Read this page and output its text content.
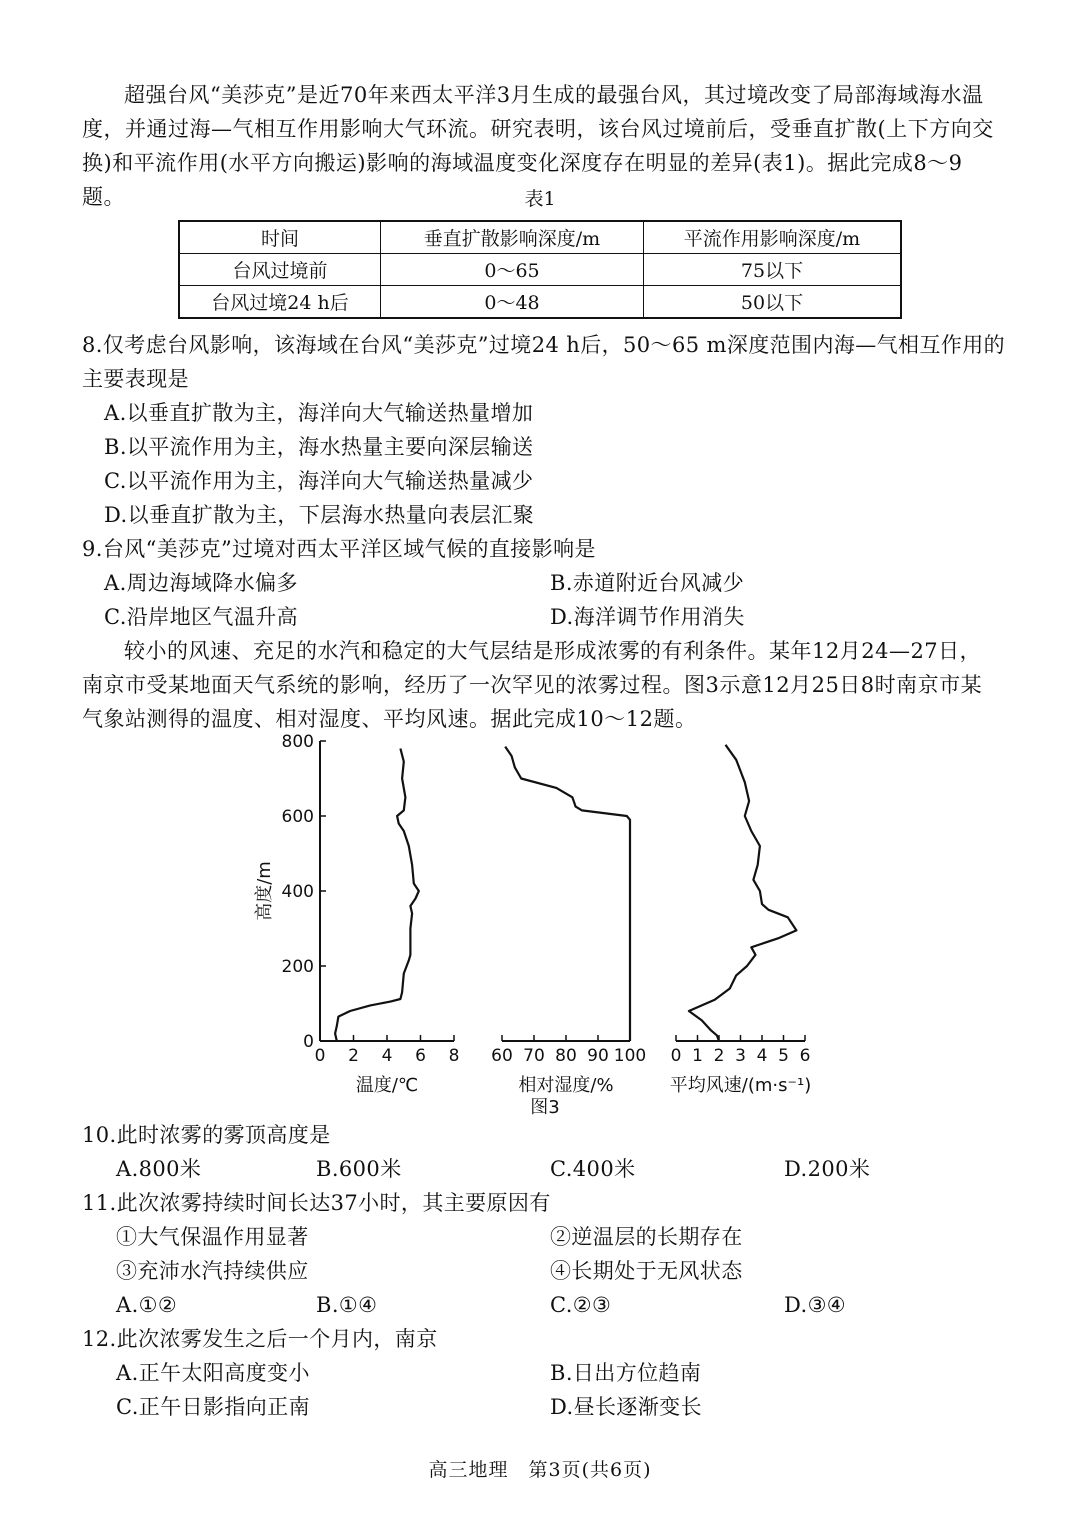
超强台风“美莎克”是近70年来西太平洋3月生成的最强台风，其过境改变了局部海域海水温度，并通过海—气相互作用影响大气环流。研究表明，该台风过境前后，受垂直扩散(上下方向交换)和平流作用(水平方向搬运)影响的海域温度变化深度存在明显的差异(表1)。据此完成8～9题。	表1
时间	垂直扩散影响深度/m	平流作用影响深度/m
台风过境前	0～65	75以下
台风过境24 h后	0～48	50以下
8.仅考虑台风影响，该海域在台风“美莎克”过境24 h后，50～65 m深度范围内海—气相互作用的主要表现是
A.以垂直扩散为主，海洋向大气输送热量增加
B.以平流作用为主，海水热量主要向深层输送
C.以平流作用为主，海洋向大气输送热量减少
D.以垂直扩散为主，下层海水热量向表层汇聚
9.台风“美莎克”过境对西太平洋区域气候的直接影响是
A.周边海域降水偏多	B.赤道附近台风减少
C.沿岸地区气温升高	D.海洋调节作用消失
较小的风速、充足的水汽和稳定的大气层结是形成浓雾的有利条件。某年12月24—27日，南京市受某地面天气系统的影响，经历了一次罕见的浓雾过程。图3示意12月25日8时南京市某气象站测得的温度、相对湿度、平均风速。据此完成10～12题。
0
200
400
600
800
高度/m
0 2 4 6 8
温度/℃
60 70 80 90 100
相对湿度/%
0 1 2 3 4 5 6
平均风速/(m·s⁻¹)
图3
10.此时浓雾的雾顶高度是
A.800米	B.600米	C.400米	D.200米
11.此次浓雾持续时间长达37小时，其主要原因有
①大气保温作用显著	②逆温层的长期存在
③充沛水汽持续供应	④长期处于无风状态
A.①②	B.①④	C.②③	D.③④
12.此次浓雾发生之后一个月内，南京
A.正午太阳高度变小	B.日出方位趋南
C.正午日影指向正南	D.昼长逐渐变长
高三地理　第3页(共6页)
